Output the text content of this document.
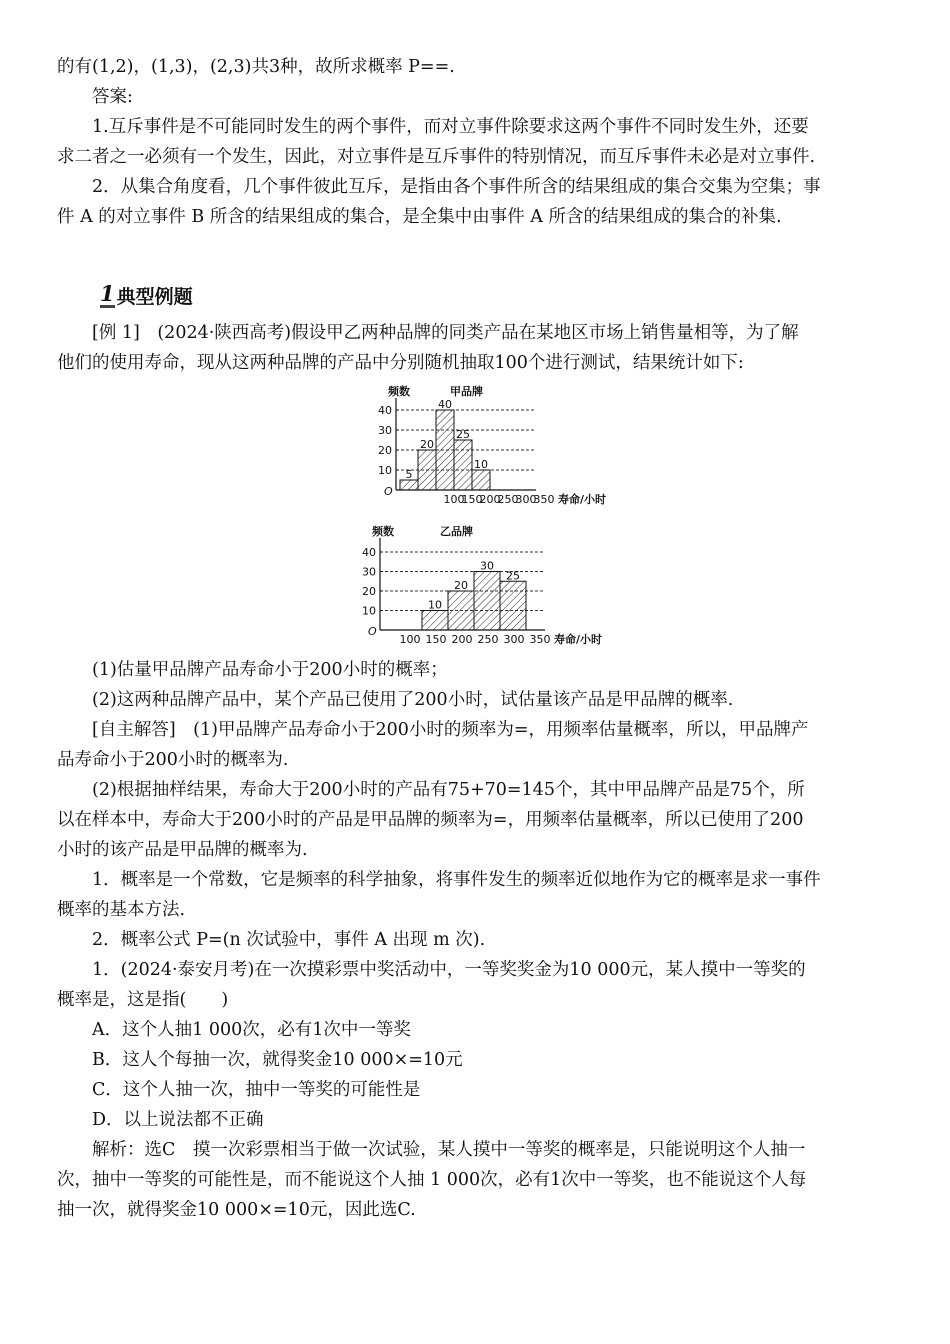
的有(1,2)，(1,3)，(2,3)共3种，故所求概率 P==.

答案:

1.互斥事件是不可能同时发生的两个事件，而对立事件除要求这两个事件不同时发生外，还要

求二者之一必须有一个发生，因此，对立事件是互斥事件的特别情况，而互斥事件未必是对立事件.

2．从集合角度看，几个事件彼此互斥，是指由各个事件所含的结果组成的集合交集为空集；事

件 A 的对立事件 B 所含的结果组成的集合，是全集中由事件 A 所含的结果组成的集合的补集.

1 典型例题

[例 1]　(2024·陕西高考)假设甲乙两种品牌的同类产品在某地区市场上销售量相等，为了解

他们的使用寿命，现从这两种品牌的产品中分别随机抽取100个进行测试，结果统计如下:

10
20
30
40
5
20
40
25
10
O
100
150
200
250
300
350 寿命/小时
频数	甲品牌
10
20
30
40
10
20
30
25
O
100 150 200 250 300 350 寿命/小时
频数	乙品牌

(1)估量甲品牌产品寿命小于200小时的概率；

(2)这两种品牌产品中，某个产品已使用了200小时，试估量该产品是甲品牌的概率.

[自主解答]　(1)甲品牌产品寿命小于200小时的频率为=，用频率估量概率，所以，甲品牌产

品寿命小于200小时的概率为.

(2)根据抽样结果，寿命大于200小时的产品有75+70=145个，其中甲品牌产品是75个，所

以在样本中，寿命大于200小时的产品是甲品牌的频率为=，用频率估量概率，所以已使用了200

小时的该产品是甲品牌的概率为.

1．概率是一个常数，它是频率的科学抽象，将事件发生的频率近似地作为它的概率是求一事件

概率的基本方法.

2．概率公式 P=(n 次试验中，事件 A 出现 m 次).

1．(2024·泰安月考)在一次摸彩票中奖活动中，一等奖奖金为10 000元，某人摸中一等奖的

概率是，这是指(　　)

A．这个人抽1 000次，必有1次中一等奖

B．这人个每抽一次，就得奖金10 000×=10元

C．这个人抽一次，抽中一等奖的可能性是

D．以上说法都不正确

解析：选C　摸一次彩票相当于做一次试验，某人摸中一等奖的概率是，只能说明这个人抽一

次，抽中一等奖的可能性是，而不能说这个人抽 1 000次，必有1次中一等奖，也不能说这个人每

抽一次，就得奖金10 000×=10元，因此选C.
